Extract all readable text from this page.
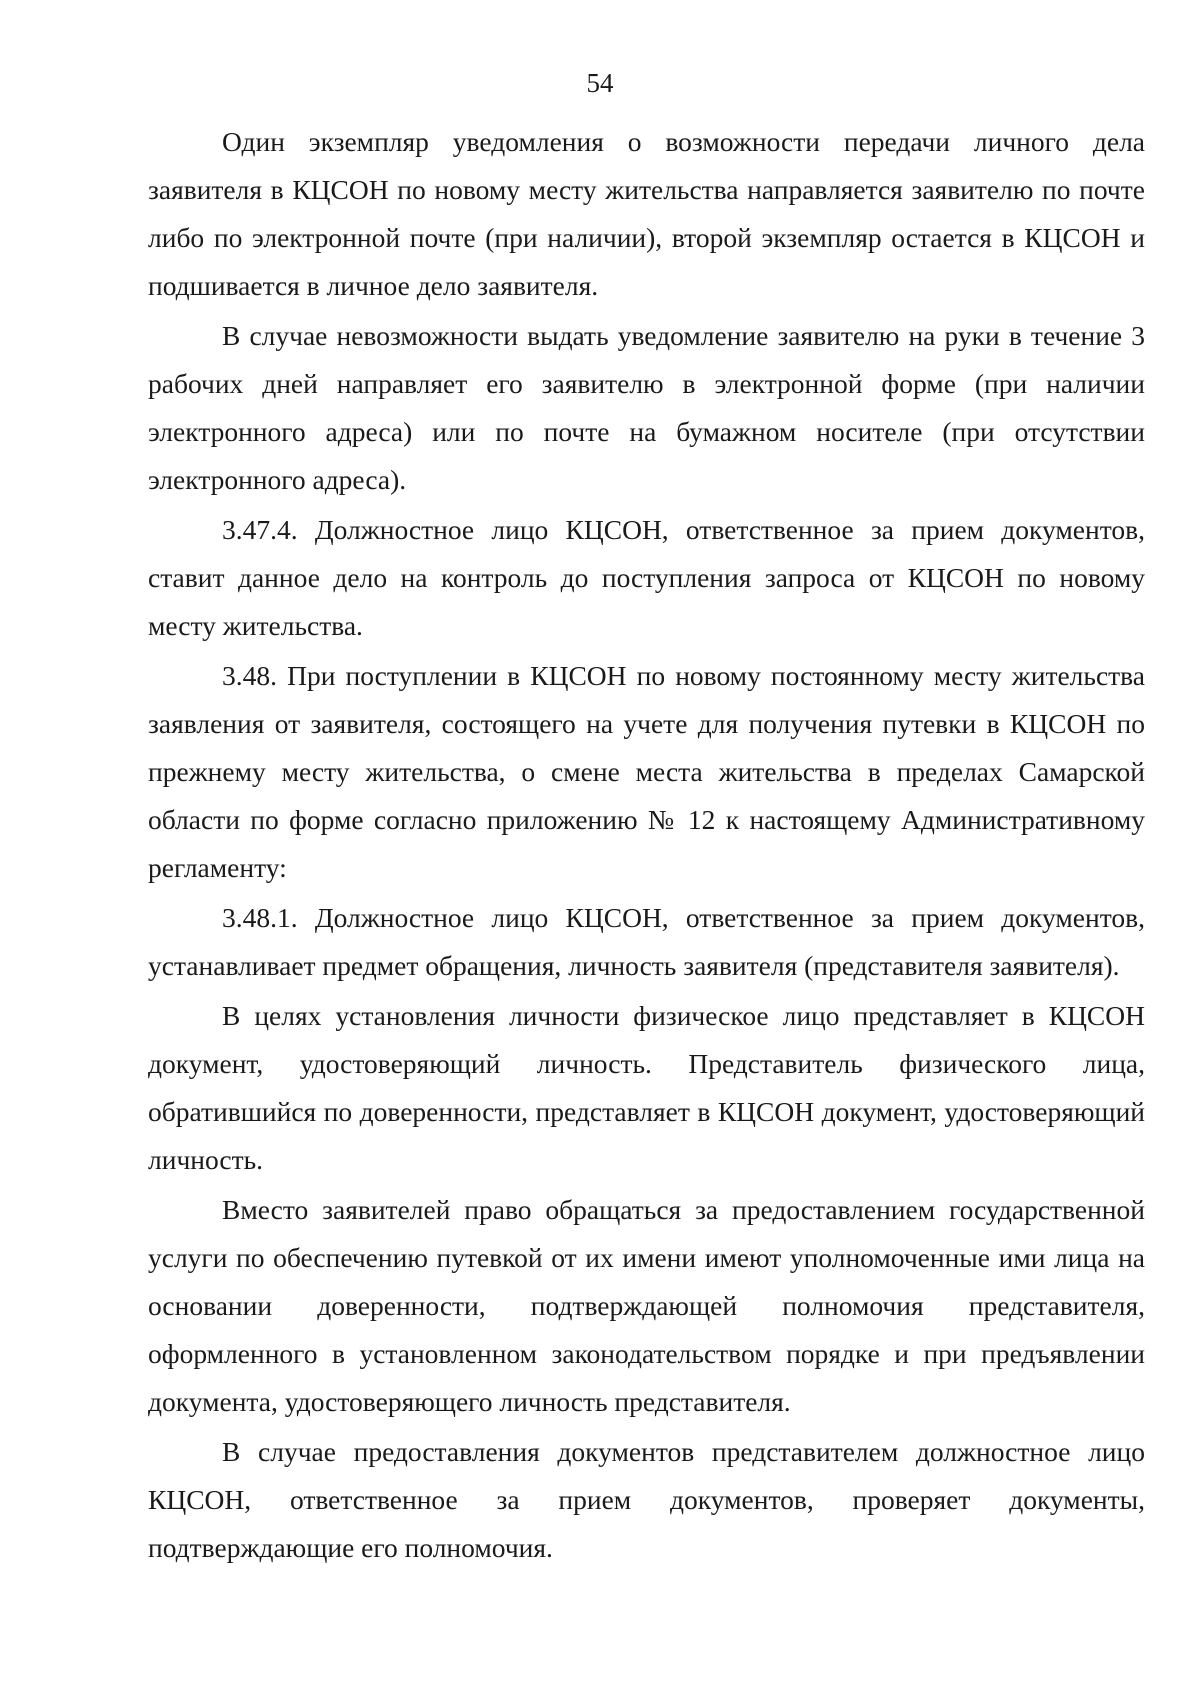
54

Один экземпляр уведомления о возможности передачи личного дела заявителя в КЦСОН по новому месту жительства направляется заявителю по почте либо по электронной почте (при наличии), второй экземпляр остается в КЦСОН и подшивается в личное дело заявителя.

В случае невозможности выдать уведомление заявителю на руки в течение 3 рабочих дней направляет его заявителю в электронной форме (при наличии электронного адреса) или по почте на бумажном носителе (при отсутствии электронного адреса).

3.47.4. Должностное лицо КЦСОН, ответственное за прием документов, ставит данное дело на контроль до поступления запроса от КЦСОН по новому месту жительства.

3.48. При поступлении в КЦСОН по новому постоянному месту жительства заявления от заявителя, состоящего на учете для получения путевки в КЦСОН по прежнему месту жительства, о смене места жительства в пределах Самарской области по форме согласно приложению № 12 к настоящему Административному регламенту:

3.48.1. Должностное лицо КЦСОН, ответственное за прием документов, устанавливает предмет обращения, личность заявителя (представителя заявителя).

В целях установления личности физическое лицо представляет в КЦСОН документ, удостоверяющий личность. Представитель физического лица, обратившийся по доверенности, представляет в КЦСОН документ, удостоверяющий личность.

Вместо заявителей право обращаться за предоставлением государственной услуги по обеспечению путевкой от их имени имеют уполномоченные ими лица на основании доверенности, подтверждающей полномочия представителя, оформленного в установленном законодательством порядке и при предъявлении документа, удостоверяющего личность представителя.

В случае предоставления документов представителем должностное лицо КЦСОН, ответственное за прием документов, проверяет документы, подтверждающие его полномочия.
